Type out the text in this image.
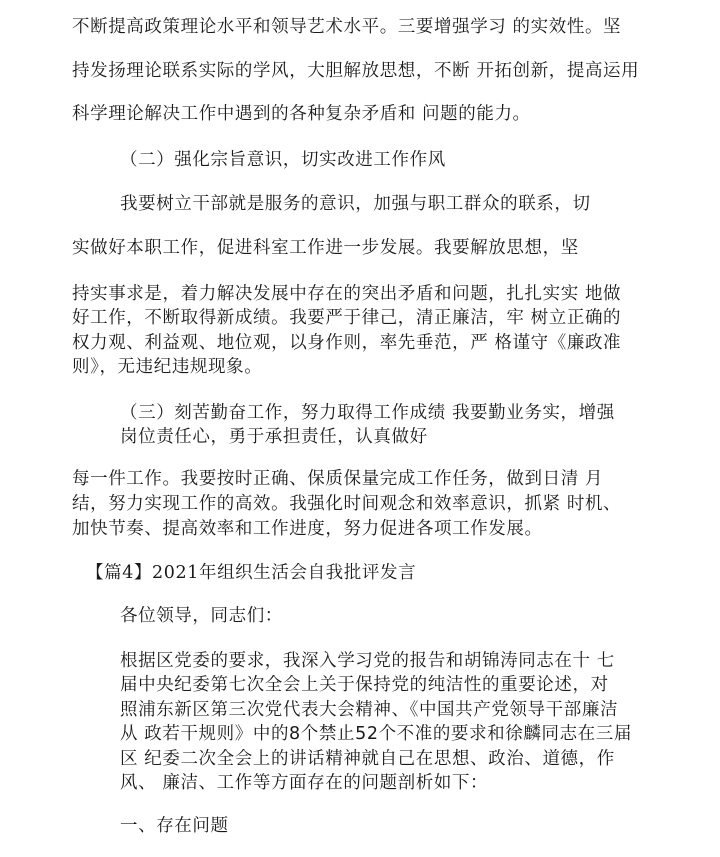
不断提高政策理论水平和领导艺术水平。三要增强学习 的实效性。坚

持发扬理论联系实际的学风，大胆解放思想，不断 开拓创新，提高运用

科学理论解决工作中遇到的各种复杂矛盾和 问题的能力。

（二）强化宗旨意识，切实改进工作作风

我要树立干部就是服务的意识，加强与职工群众的联系，切

实做好本职工作，促进科室工作进一步发展。我要解放思想，坚

持实事求是，着力解决发展中存在的突出矛盾和问题，扎扎实实 地做

好工作，不断取得新成绩。我要严于律己，清正廉洁，牢 树立正确的

权力观、利益观、地位观，以身作则，率先垂范，严 格谨守《廉政准

则》，无违纪违规现象。

（三）刻苦勤奋工作，努力取得工作成绩 我要勤业务实，增强

岗位责任心，勇于承担责任，认真做好

每一件工作。我要按时正确、保质保量完成工作任务，做到日清 月

结，努力实现工作的高效。我强化时间观念和效率意识，抓紧 时机、

加快节奏、提高效率和工作进度，努力促进各项工作发展。

【篇4】2021年组织生活会自我批评发言

各位领导，同志们：

根据区党委的要求，我深入学习党的报告和胡锦涛同志在十 七

届中央纪委第七次全会上关于保持党的纯洁性的重要论述，对

照浦东新区第三次党代表大会精神、《中国共产党领导干部廉洁

从 政若干规则》中的8个禁止52个不准的要求和徐麟同志在三届

区 纪委二次全会上的讲话精神就自己在思想、政治、道德，作

风、 廉洁、工作等方面存在的问题剖析如下：

一、存在问题
